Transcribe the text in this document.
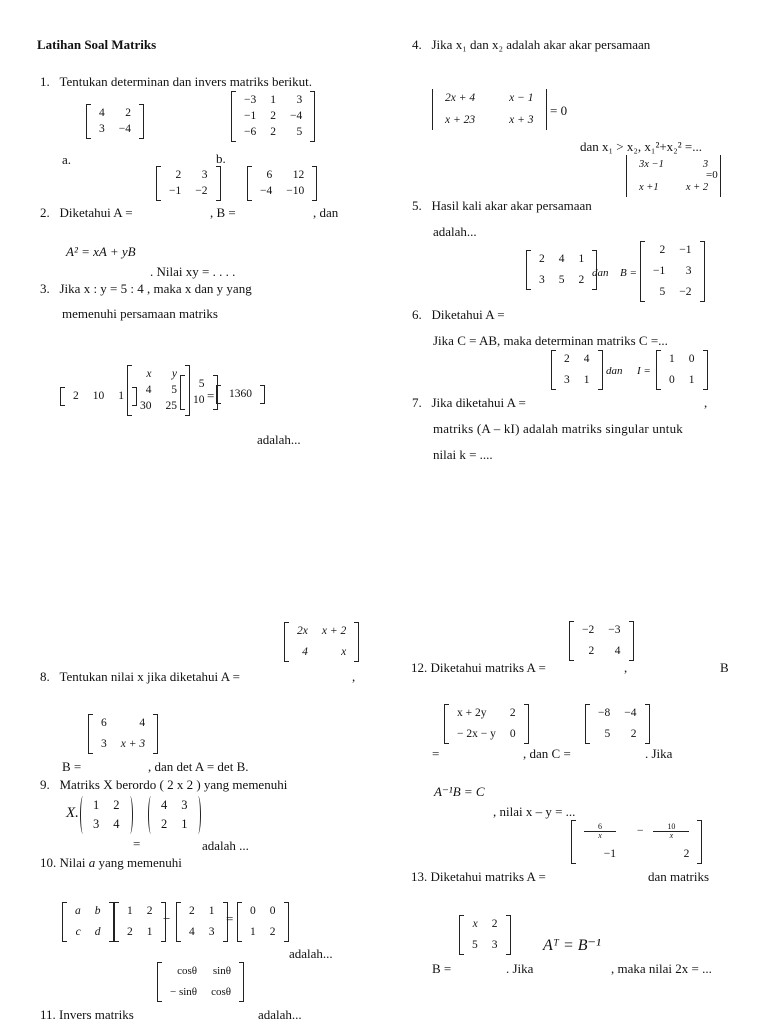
Latihan Soal Matriks
1.   Tentukan determinan dan invers matriks berikut.
4	2
3	−4
−3	1	3
−1	2	−4
−6	2	5
a.	b.
2	3
−1	−2
6	12
−4	−10
2.   Diketahui A =	, B =	, dan
A² = xA + yB
. Nilai xy = . . . .
3.   Jika x : y = 5 : 4 , maka x dan y yang
memenuhi persamaan matriks
2	10	1
x	y
4	5
30	25
5
10 =	1360
adalah...
4.   Jika x₁ dan x₂ adalah akar akar persamaan
2x + 4	x − 1
x + 23	x + 3
= 0
dan x₁ > x₂, x₁²+x₂² =...
3x −1	3
x +1	x + 2
=0
5.   Hasil kali akar akar persamaan
adalah...
2	4	1
3	5	2
dan B =
2	−1
−1	3
5	−2
6.   Diketahui A =
Jika C = AB, maka determinan matriks C =...
2	4
3	1
dan I =
1	0
0	1
7.   Jika diketahui A =	,
matriks (A – kI) adalah matriks singular untuk
nilai k = ....
2x	x + 2
4	x
8.   Tentukan nilai x jika diketahui A =	,
6	4
3	x + 3
B =	, dan det A = det B.
9.   Matriks X berordo ( 2 x 2 ) yang memenuhi
X.	1	2
3	4
4	3
2	1
=	adalah ...
10. Nilai a yang memenuhi
a	b
c	d
1	2
2	1
−	2	1
4	3
=	0	0
1	2
adalah...
cosθ	sinθ
− sinθ	cosθ
11. Invers matriks	adalah...
−2	−3
2	4
12. Diketahui matriks A =	,	B
x + 2y	2
− 2x − y	0
−8	−4
5	2
=	, dan C =	. Jika
A⁻¹B = C
, nilai x – y = ...
$\frac{6}{x}$	− $\frac{10}{x}$
−1	2
13. Diketahui matriks A =	dan matriks
x	2
5	3	Aᵀ = B⁻¹
B =	. Jika	, maka nilai 2x = ...
